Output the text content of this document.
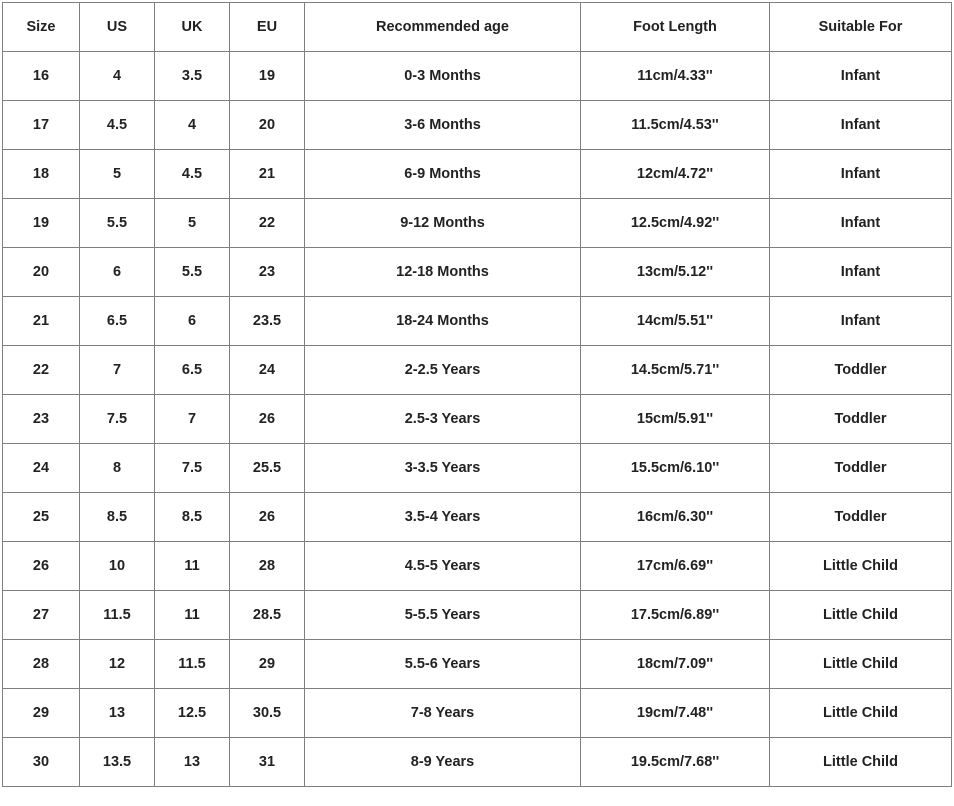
Size	US	UK	EU	Recommended age	Foot Length	Suitable For
16	4	3.5	19	0-3 Months	11cm/4.33''	Infant
17	4.5	4	20	3-6 Months	11.5cm/4.53''	Infant
18	5	4.5	21	6-9 Months	12cm/4.72''	Infant
19	5.5	5	22	9-12 Months	12.5cm/4.92''	Infant
20	6	5.5	23	12-18 Months	13cm/5.12''	Infant
21	6.5	6	23.5	18-24 Months	14cm/5.51''	Infant
22	7	6.5	24	2-2.5 Years	14.5cm/5.71''	Toddler
23	7.5	7	26	2.5-3 Years	15cm/5.91''	Toddler
24	8	7.5	25.5	3-3.5 Years	15.5cm/6.10''	Toddler
25	8.5	8.5	26	3.5-4 Years	16cm/6.30''	Toddler
26	10	11	28	4.5-5 Years	17cm/6.69''	Little Child
27	11.5	11	28.5	5-5.5 Years	17.5cm/6.89''	Little Child
28	12	11.5	29	5.5-6 Years	18cm/7.09''	Little Child
29	13	12.5	30.5	7-8 Years	19cm/7.48''	Little Child
30	13.5	13	31	8-9 Years	19.5cm/7.68''	Little Child
